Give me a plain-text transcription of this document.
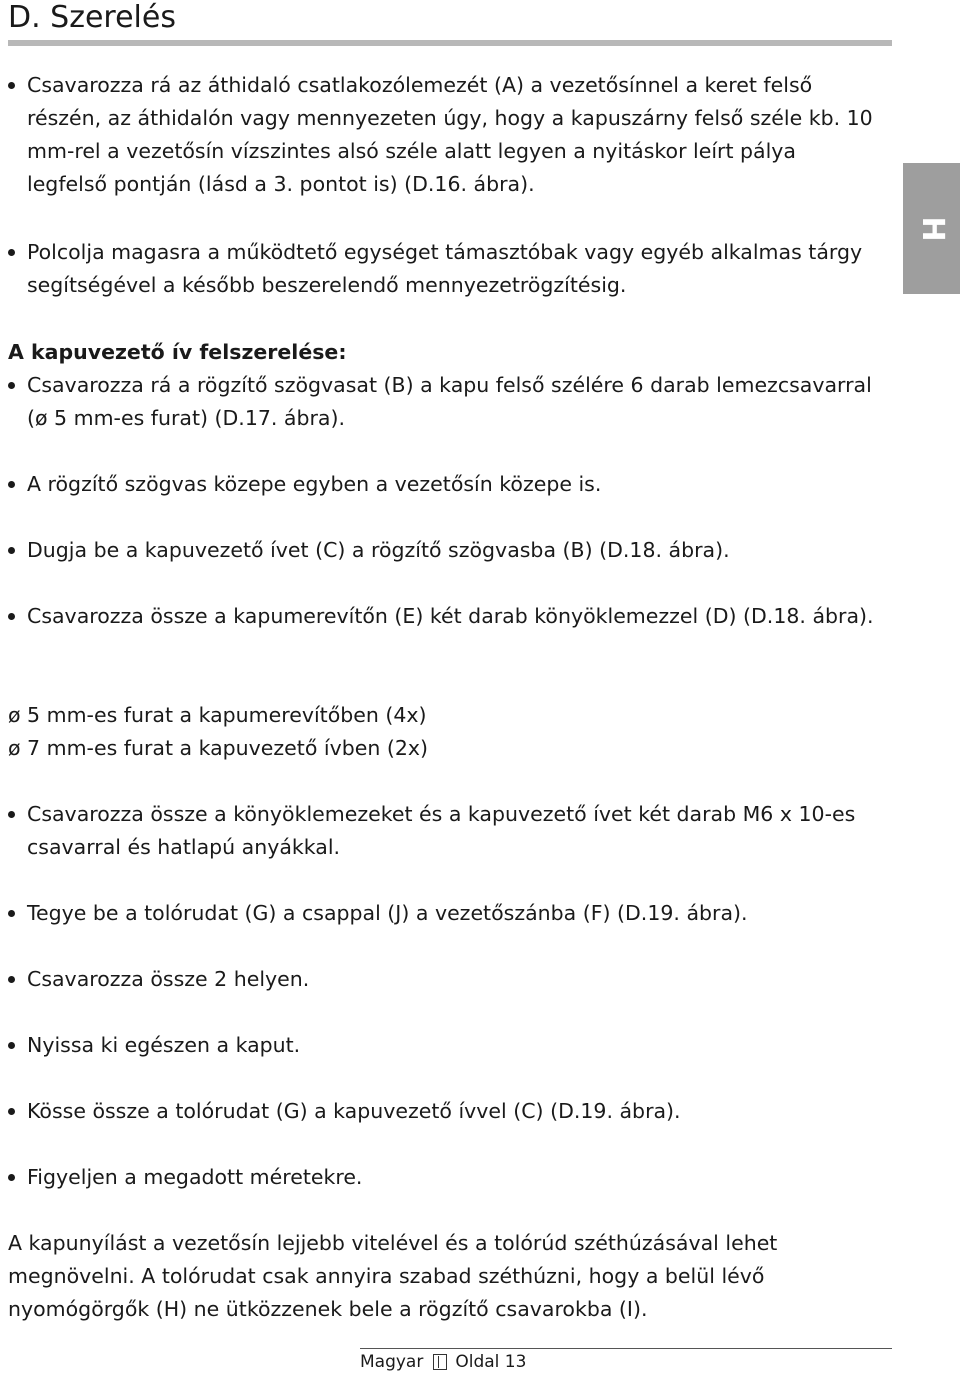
D. Szerelés
H
Csavarozza rá az áthidaló csatlakozólemezét (A) a vezetősínnel a keret felső részén, az áthidalón vagy mennyezeten úgy, hogy a kapuszárny felső széle kb. 10 mm-rel a vezetősín vízszintes alsó széle alatt legyen a nyitáskor leírt pálya legfelső pontján (lásd a 3. pontot is) (D.16. ábra).
Polcolja magasra a működtető egységet támasztóbak vagy egyéb alkalmas tárgy segítségével a később beszerelendő mennyezetrögzítésig.
A kapuvezető ív felszerelése:
Csavarozza rá a rögzítő szögvasat (B) a kapu felső szélére 6 darab lemezcsavarral (ø 5 mm-es furat) (D.17. ábra).
A rögzítő szögvas közepe egyben a vezetősín közepe is.
Dugja be a kapuvezető ívet (C) a rögzítő szögvasba (B) (D.18. ábra).
Csavarozza össze a kapumerevítőn (E) két darab könyöklemezzel (D) (D.18. ábra).
ø 5 mm-es furat a kapumerevítőben (4x)
ø 7 mm-es furat a kapuvezető ívben (2x)
Csavarozza össze a könyöklemezeket és a kapuvezető ívet két darab M6 x 10-es csavarral és hatlapú anyákkal.
Tegye be a tolórudat (G) a csappal (J) a vezetőszánba (F) (D.19. ábra).
Csavarozza össze 2 helyen.
Nyissa ki egészen a kaput.
Kösse össze a tolórudat (G) a kapuvezető ívvel (C) (D.19. ábra).
Figyeljen a megadott méretekre.
A kapunyílást a vezetősín lejjebb vitelével és a tolórúd széthúzásával lehet megnövelni. A tolórudat csak annyira szabad széthúzni, hogy a belül lévő nyomógörgők (H) ne ütközzenek bele a rögzítő csavarokba (I).
Magyar Oldal 13
